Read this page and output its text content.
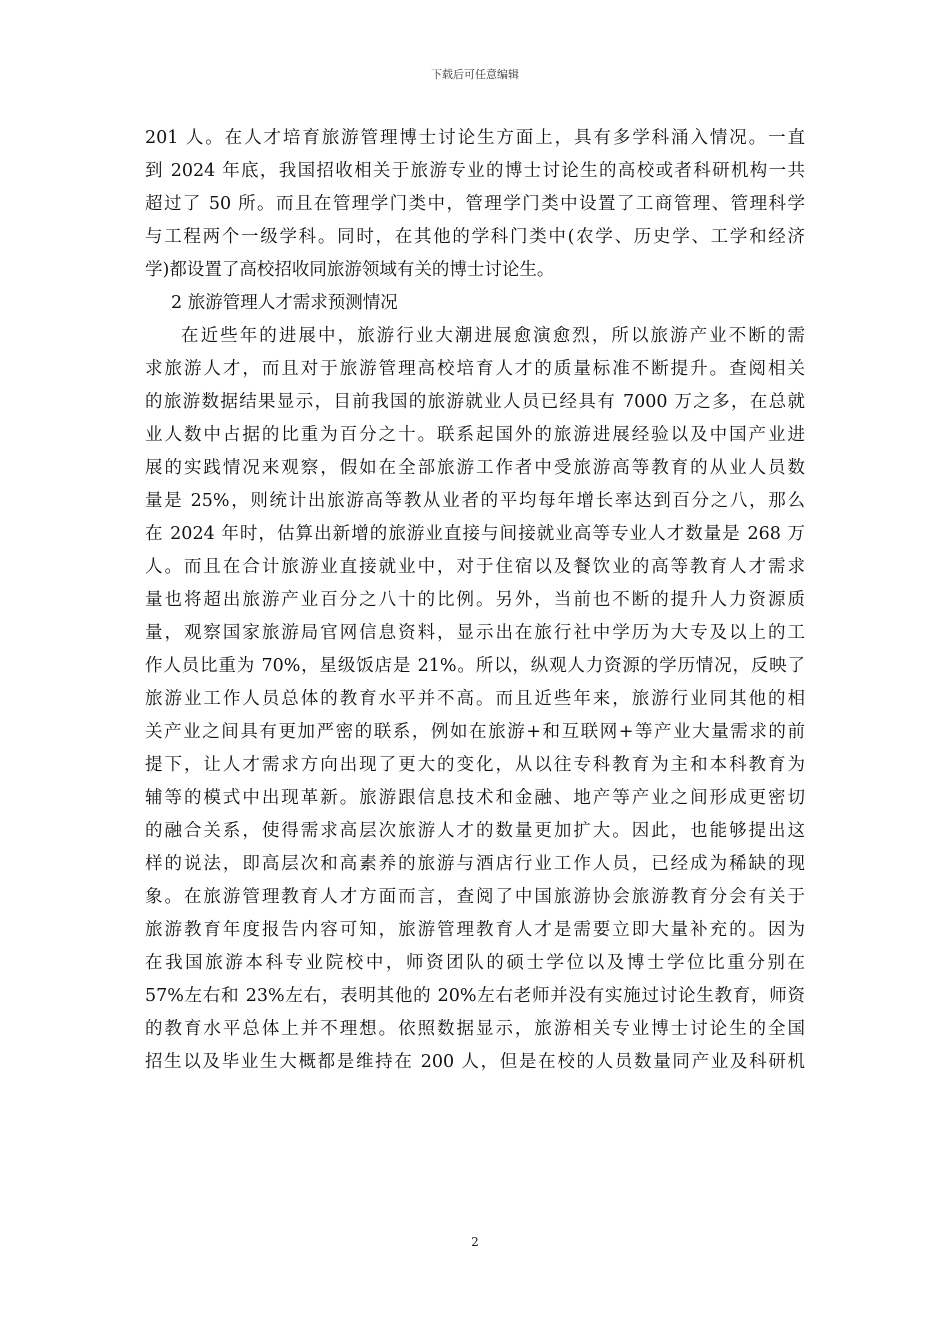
下载后可任意编辑
201 人。在人才培育旅游管理博士讨论生方面上，具有多学科涌入情况。一直
到 2024 年底，我国招收相关于旅游专业的博士讨论生的高校或者科研机构一共
超过了 50 所。而且在管理学门类中，管理学门类中设置了工商管理、管理科学
与工程两个一级学科。同时，在其他的学科门类中(农学、历史学、工学和经济
学)都设置了高校招收同旅游领域有关的博士讨论生。
2 旅游管理人才需求预测情况
在近些年的进展中，旅游行业大潮进展愈演愈烈，所以旅游产业不断的需
求旅游人才，而且对于旅游管理高校培育人才的质量标准不断提升。查阅相关
的旅游数据结果显示，目前我国的旅游就业人员已经具有 7000 万之多，在总就
业人数中占据的比重为百分之十。联系起国外的旅游进展经验以及中国产业进
展的实践情况来观察，假如在全部旅游工作者中受旅游高等教育的从业人员数
量是 25%，则统计出旅游高等教从业者的平均每年增长率达到百分之八，那么
在 2024 年时，估算出新增的旅游业直接与间接就业高等专业人才数量是 268 万
人。而且在合计旅游业直接就业中，对于住宿以及餐饮业的高等教育人才需求
量也将超出旅游产业百分之八十的比例。另外，当前也不断的提升人力资源质
量，观察国家旅游局官网信息资料，显示出在旅行社中学历为大专及以上的工
作人员比重为 70%，星级饭店是 21%。所以，纵观人力资源的学历情况，反映了
旅游业工作人员总体的教育水平并不高。而且近些年来，旅游行业同其他的相
关产业之间具有更加严密的联系，例如在旅游+和互联网+等产业大量需求的前
提下，让人才需求方向出现了更大的变化，从以往专科教育为主和本科教育为
辅等的模式中出现革新。旅游跟信息技术和金融、地产等产业之间形成更密切
的融合关系，使得需求高层次旅游人才的数量更加扩大。因此，也能够提出这
样的说法，即高层次和高素养的旅游与酒店行业工作人员，已经成为稀缺的现
象。在旅游管理教育人才方面而言，查阅了中国旅游协会旅游教育分会有关于
旅游教育年度报告内容可知，旅游管理教育人才是需要立即大量补充的。因为
在我国旅游本科专业院校中，师资团队的硕士学位以及博士学位比重分别在
57%左右和 23%左右，表明其他的 20%左右老师并没有实施过讨论生教育，师资
的教育水平总体上并不理想。依照数据显示，旅游相关专业博士讨论生的全国
招生以及毕业生大概都是维持在 200 人，但是在校的人员数量同产业及科研机
2
